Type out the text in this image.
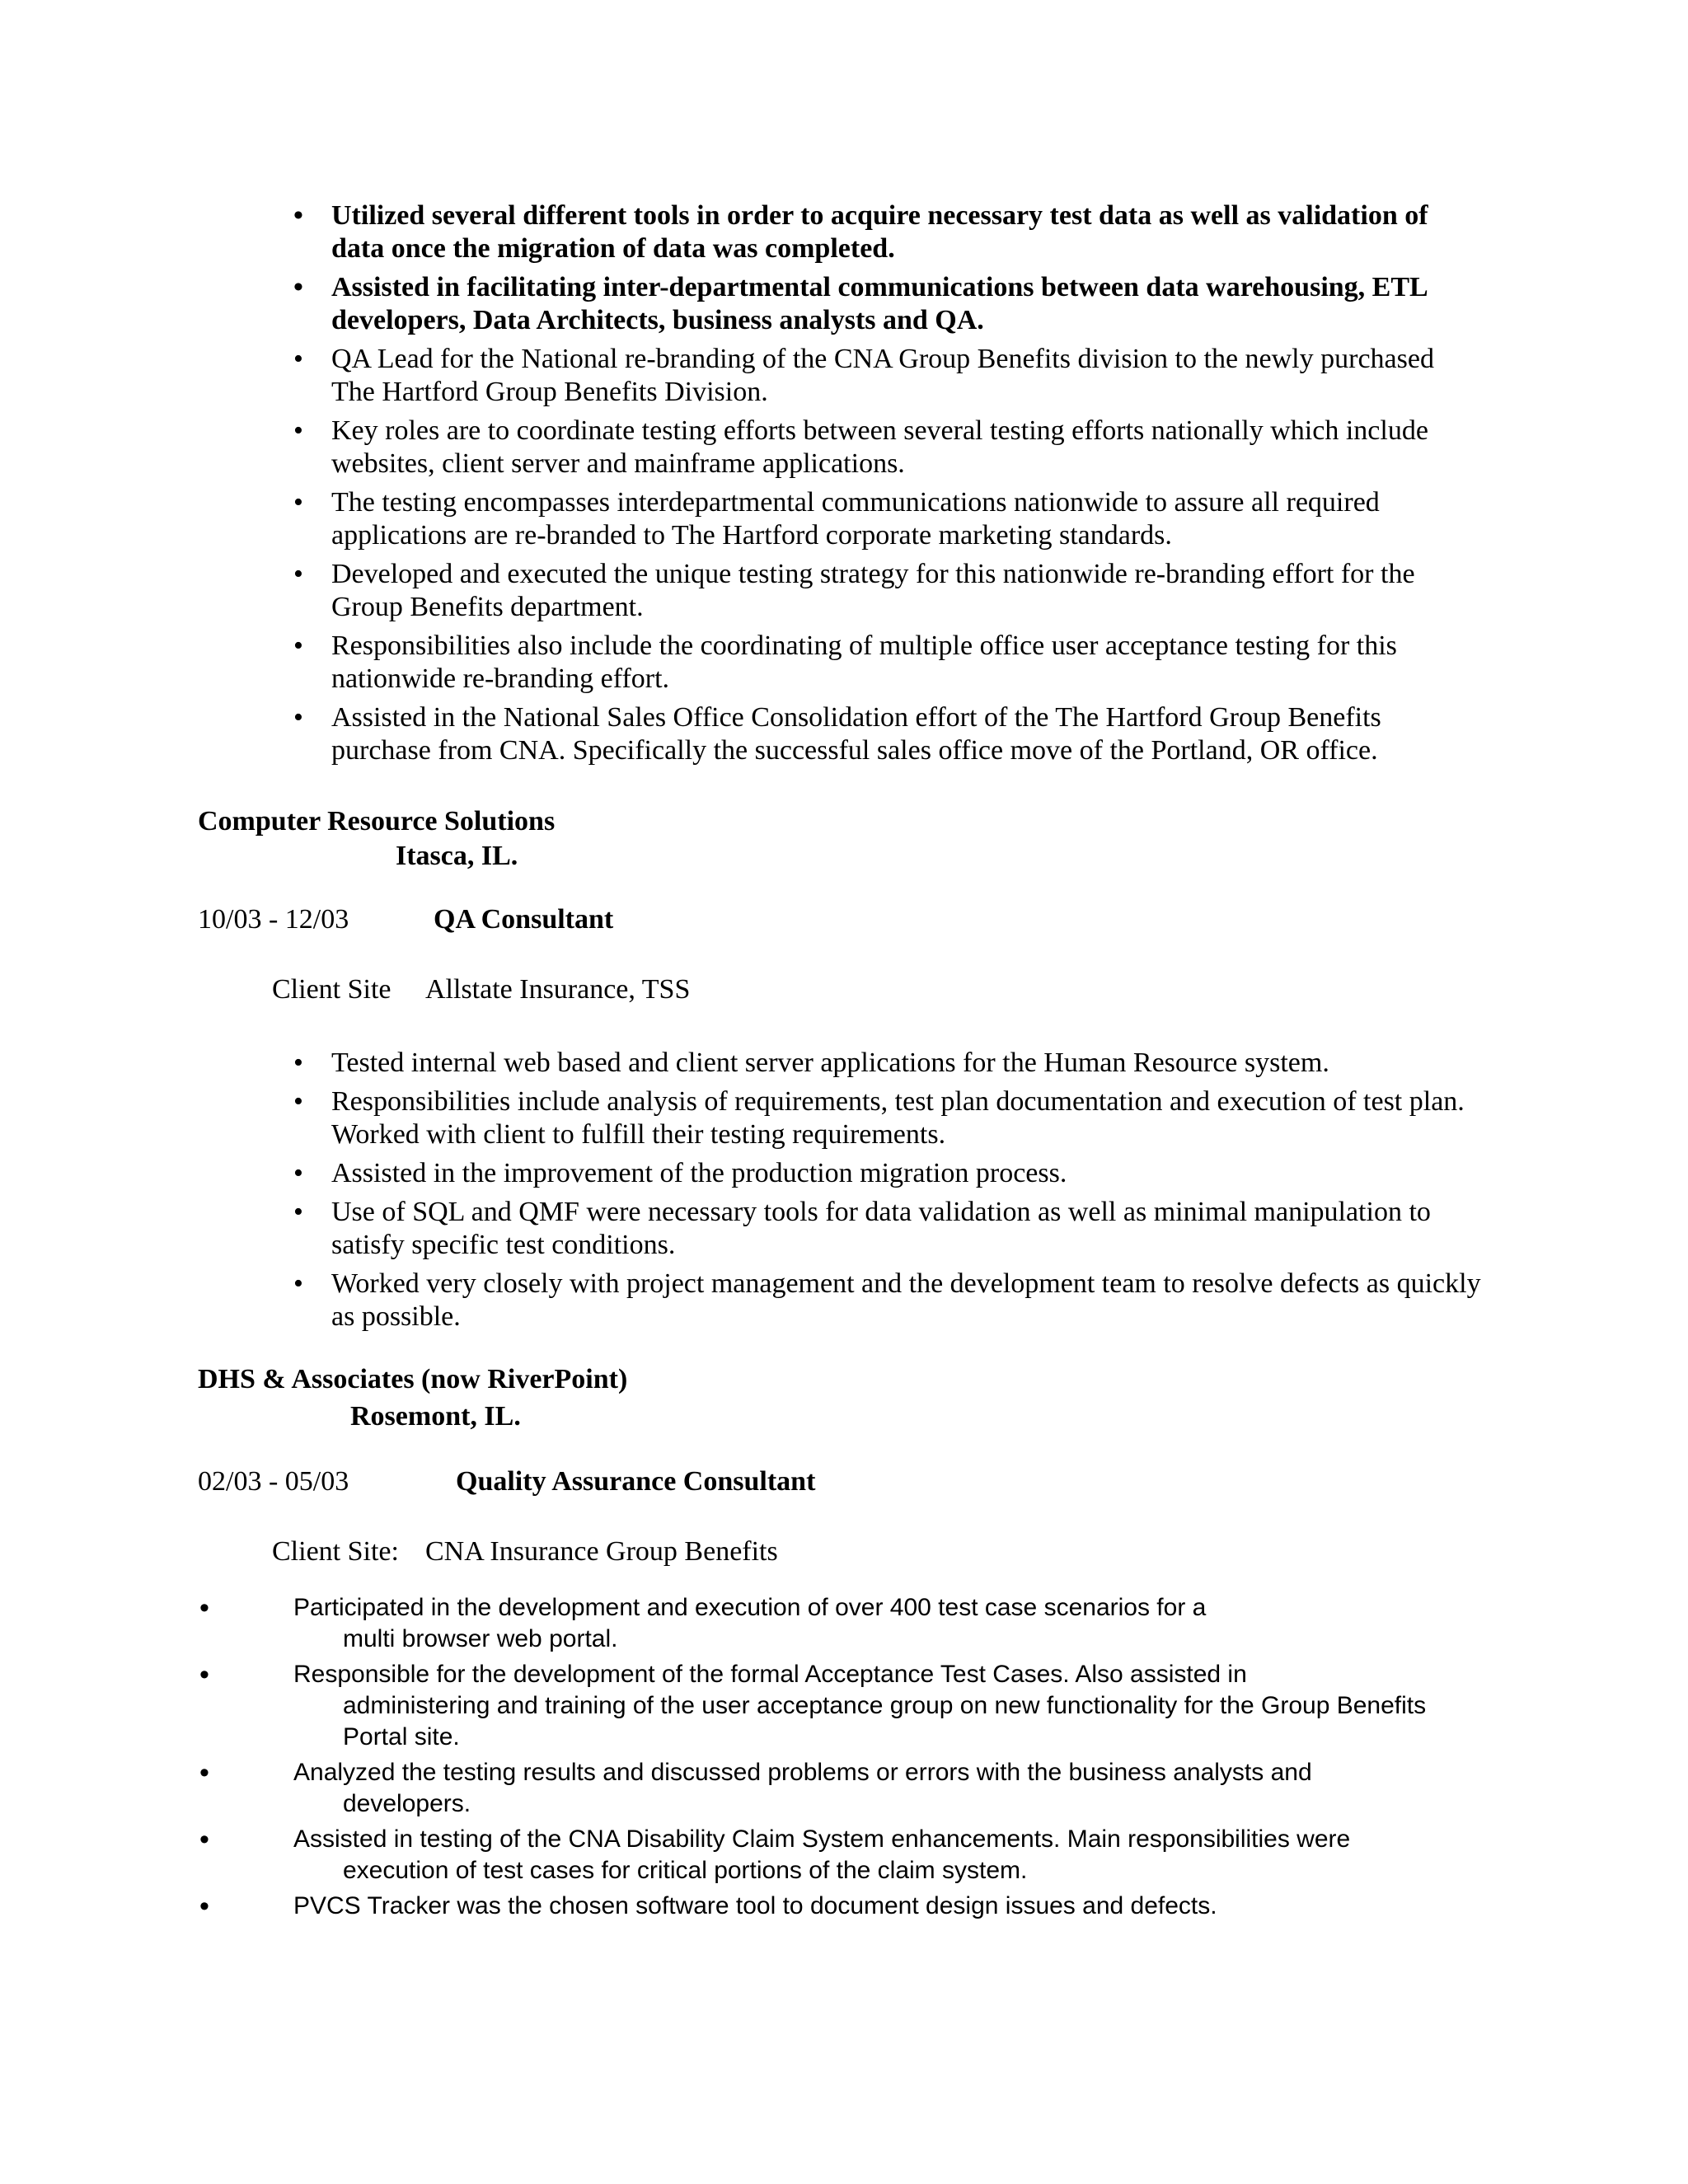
• Utilized several different tools in order to acquire necessary test data as well as validation of data once the migration of data was completed.
• Assisted in facilitating inter-departmental communications between data warehousing, ETL developers, Data Architects, business analysts and QA.
• QA Lead for the National re-branding of the CNA Group Benefits division to the newly purchased The Hartford Group Benefits Division.
• Key roles are to coordinate testing efforts between several testing efforts nationally which include websites, client server and mainframe applications.
• The testing encompasses interdepartmental communications nationwide to assure all required applications are re-branded to The Hartford corporate marketing standards.
• Developed and executed the unique testing strategy for this nationwide re-branding effort for the Group Benefits department.
• Responsibilities also include the coordinating of multiple office user acceptance testing for this nationwide re-branding effort.
• Assisted in the National Sales Office Consolidation effort of the The Hartford Group Benefits purchase from CNA. Specifically the successful sales office move of the Portland, OR office.
Computer Resource Solutions
Itasca, IL.
10/03 - 12/03	QA Consultant
Client Site Allstate Insurance, TSS
• Tested internal web based and client server applications for the Human Resource system.
• Responsibilities include analysis of requirements, test plan documentation and execution of test plan. Worked with client to fulfill their testing requirements.
• Assisted in the improvement of the production migration process.
• Use of SQL and QMF were necessary tools for data validation as well as minimal manipulation to satisfy specific test conditions.
• Worked very closely with project management and the development team to resolve defects as quickly as possible.
DHS & Associates (now RiverPoint)
Rosemont, IL.
02/03 - 05/03	Quality Assurance Consultant
Client Site: CNA Insurance Group Benefits
•	Participated in the development and execution of over 400 test case scenarios for a
multi browser web portal.
•	Responsible for the development of the formal Acceptance Test Cases. Also assisted in
administering and training of the user acceptance group on new functionality for the Group Benefits Portal site.
•	Analyzed the testing results and discussed problems or errors with the business analysts and
developers.
•	Assisted in testing of the CNA Disability Claim System enhancements. Main responsibilities were
execution of test cases for critical portions of the claim system.
•	PVCS Tracker was the chosen software tool to document design issues and defects.
